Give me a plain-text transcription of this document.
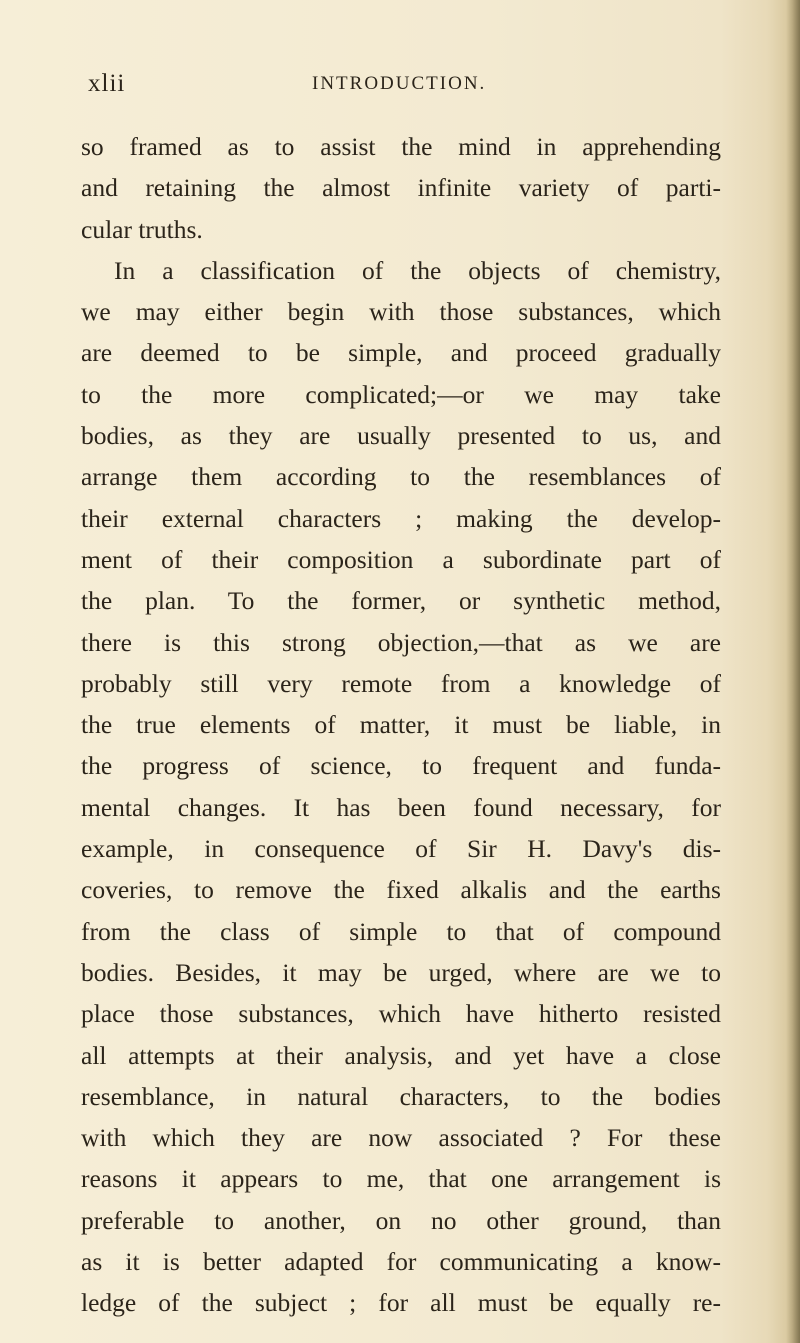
xlii	INTRODUCTION.
so framed as to assist the mind in apprehending
and retaining the almost infinite variety of parti-
cular truths.
In a classification of the objects of chemistry,
we may either begin with those substances, which
are deemed to be simple, and proceed gradually
to the more complicated;—or we may take
bodies, as they are usually presented to us, and
arrange them according to the resemblances of
their external characters ; making the develop-
ment of their composition a subordinate part of
the plan. To the former, or synthetic method,
there is this strong objection,—that as we are
probably still very remote from a knowledge of
the true elements of matter, it must be liable, in
the progress of science, to frequent and funda-
mental changes. It has been found necessary, for
example, in consequence of Sir H. Davy's dis-
coveries, to remove the fixed alkalis and the earths
from the class of simple to that of compound
bodies. Besides, it may be urged, where are we to
place those substances, which have hitherto resisted
all attempts at their analysis, and yet have a close
resemblance, in natural characters, to the bodies
with which they are now associated ? For these
reasons it appears to me, that one arrangement is
preferable to another, on no other ground, than
as it is better adapted for communicating a know-
ledge of the subject ; for all must be equally re-
